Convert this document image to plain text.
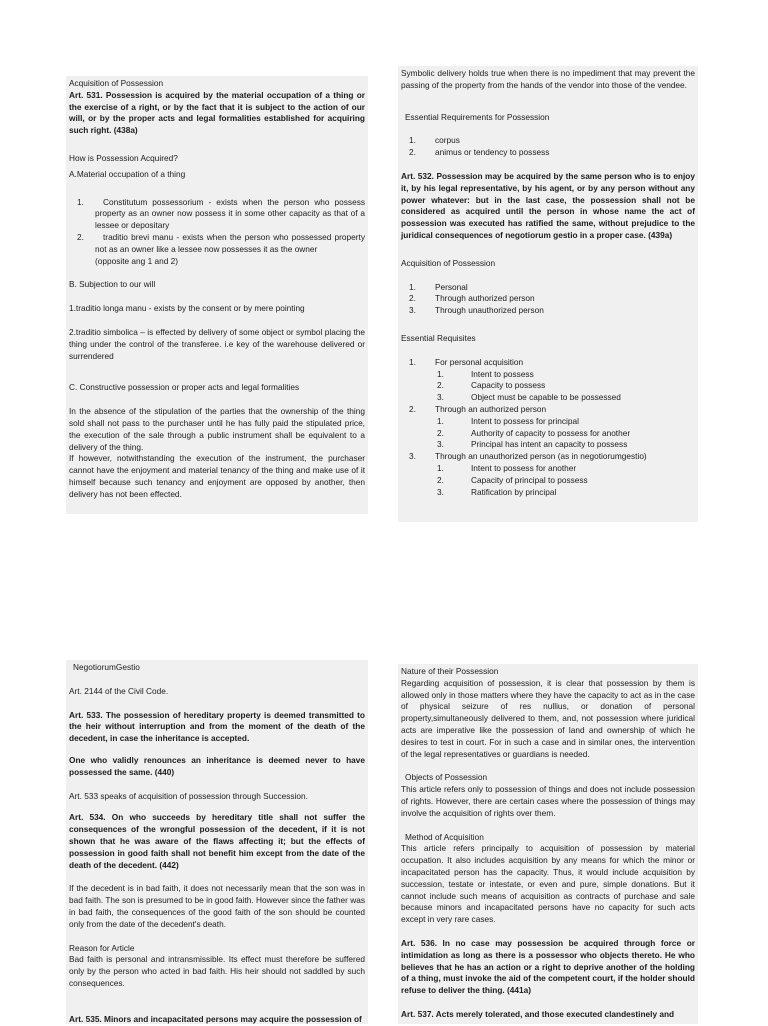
Acquisition of Possession

Art. 531. Possession is acquired by the material occupation of a thing or the exercise of a right, or by the fact that it is subject to the action of our will, or by the proper acts and legal formalities established for acquiring such right. (438a)

How is Possession Acquired?

A.Material occupation of a thing

1. Constitutum possessorium - exists when the person who possess property as an owner now possess it in some other capacity as that of a lessee or depositary
2. traditio brevi manu - exists when the person who possessed property not as an owner like a lessee now possesses it as the owner

(opposite ang 1 and 2)

B. Subjection to our will

1.traditio longa manu - exists by the consent or by mere pointing

2.traditio simbolica – is effected by delivery of some object or symbol placing the thing under the control of the transferee. i.e key of the warehouse delivered or surrendered

C. Constructive possession or proper acts and legal formalities

In the absence of the stipulation of the parties that the ownership of the thing sold shall not pass to the purchaser until he has fully paid the stipulated price, the execution of the sale through a public instrument shall be equivalent to a delivery of the thing.

If however, notwithstanding the execution of the instrument, the purchaser cannot have the enjoyment and material tenancy of the thing and make use of it himself because such tenancy and enjoyment are opposed by another, then delivery has not been effected.

Symbolic delivery holds true when there is no impediment that may prevent the passing of the property from the hands of the vendor into those of the vendee.

Essential Requirements for Possession

1. corpus
2. animus or tendency to possess

Art. 532. Possession may be acquired by the same person who is to enjoy it, by his legal representative, by his agent, or by any person without any power whatever: but in the last case, the possession shall not be considered as acquired until the person in whose name the act of possession was executed has ratified the same, without prejudice to the juridical consequences of negotiorum gestio in a proper case. (439a)

Acquisition of Possession

1. Personal
2. Through authorized person
3. Through unauthorized person

Essential Requisites

1. For personal acquisition
1.	Intent to possess
2.	Capacity to possess
3.	Object must be capable to be possessed
2. Through an authorized person
1.	Intent to possess for principal
2.	Authority of capacity to possess for another
3.	Principal has intent an capacity to possess
3. Through an unauthorized person (as in negotiorumgestio)
1.	Intent to possess for another
2.	Capacity of principal to possess
3.	Ratification by principal

NegotiorumGestio

Art. 2144 of the Civil Code.

Art. 533. The possession of hereditary property is deemed transmitted to the heir without interruption and from the moment of the death of the decedent, in case the inheritance is accepted.

One who validly renounces an inheritance is deemed never to have possessed the same. (440)

Art. 533 speaks of acquisition of possession through Succession.

Art. 534. On who succeeds by hereditary title shall not suffer the consequences of the wrongful possession of the decedent, if it is not shown that he was aware of the flaws affecting it; but the effects of possession in good faith shall not benefit him except from the date of the death of the decedent. (442)

If the decedent is in bad faith, it does not necessarily mean that the son was in bad faith. The son is presumed to be in good faith. However since the father was in bad faith, the consequences of the good faith of the son should be counted only from the date of the decedent's death.

Reason for Article

Bad faith is personal and intransmissible. Its effect must therefore be suffered only by the person who acted in bad faith. His heir should not saddled by such consequences.

Art. 535. Minors and incapacitated persons may acquire the possession of

Nature of their Possession

Regarding acquisition of possession, it is clear that possession by them is allowed only in those matters where they have the capacity to act as in the case of physical seizure of res nullius, or donation of personal property,simultaneously delivered to them, and, not possession where juridical acts are imperative like the possession of land and ownership of which he desires to test in court. For in such a case and in similar ones, the intervention of the legal representatives or guardians is needed.

Objects of Possession

This article refers only to possession of things and does not include possession of rights. However, there are certain cases where the possession of things may involve the acquisition of rights over them.

Method of Acquisition

This article refers principally to acquisition of possession by material occupation. It also includes acquisition by any means for which the minor or incapacitated person has the capacity. Thus, it would include acquisition by succession, testate or intestate, or even and pure, simple donations. But it cannot include such means of acquisition as contracts of purchase and sale because minors and incapacitated persons have no capacity for such acts except in very rare cases.

Art. 536. In no case may possession be acquired through force or intimidation as long as there is a possessor who objects thereto. He who believes that he has an action or a right to deprive another of the holding of a thing, must invoke the aid of the competent court, if the holder should refuse to deliver the thing. (441a)

Art. 537. Acts merely tolerated, and those executed clandestinely and
